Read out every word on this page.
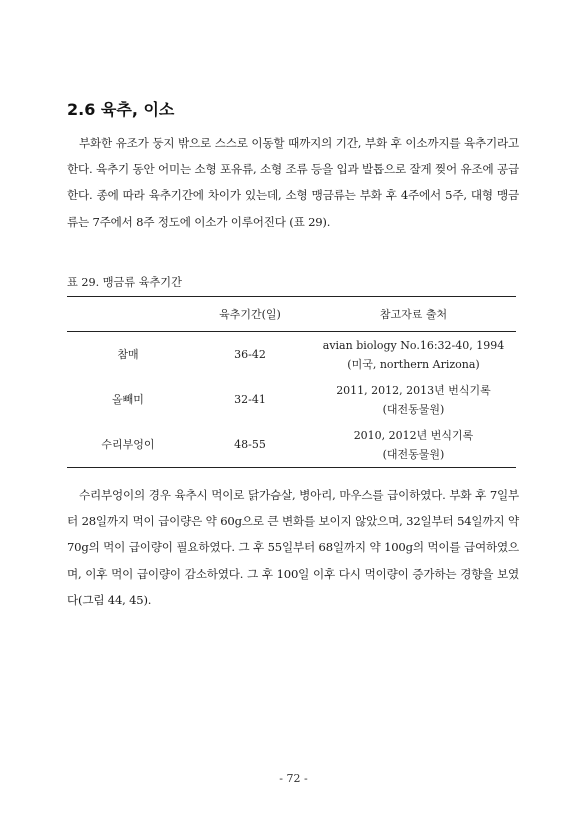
2.6 육추, 이소

부화한 유조가 둥지 밖으로 스스로 이동할 때까지의 기간, 부화 후 이소까지를 육추기라고 한다. 육추기 동안 어미는 소형 포유류, 소형 조류 등을 입과 발톱으로 잘게 찢어 유조에 공급한다. 종에 따라 육추기간에 차이가 있는데, 소형 맹금류는 부화 후 4주에서 5주, 대형 맹금류는 7주에서 8주 정도에 이소가 이루어진다 (표 29).

표 29. 맹금류 육추기간

	육추기간(일)	참고자료 출처
참매	36-42	avian biology No.16:32-40, 1994
(미국, northern Arizona)

올빼미	32-41	2011, 2012, 2013년 번식기록
(대전동물원)

수리부엉이	48-55	2010, 2012년 번식기록
(대전동물원)

수리부엉이의 경우 육추시 먹이로 닭가슴살, 병아리, 마우스를 급이하였다. 부화 후 7일부터 28일까지 먹이 급이량은 약 60g으로 큰 변화를 보이지 않았으며, 32일부터 54일까지 약 70g의 먹이 급이량이 필요하였다. 그 후 55일부터 68일까지 약 100g의 먹이를 급여하였으며, 이후 먹이 급이량이 감소하였다. 그 후 100일 이후 다시 먹이량이 증가하는 경향을 보였다(그림 44, 45).

- 72 -
